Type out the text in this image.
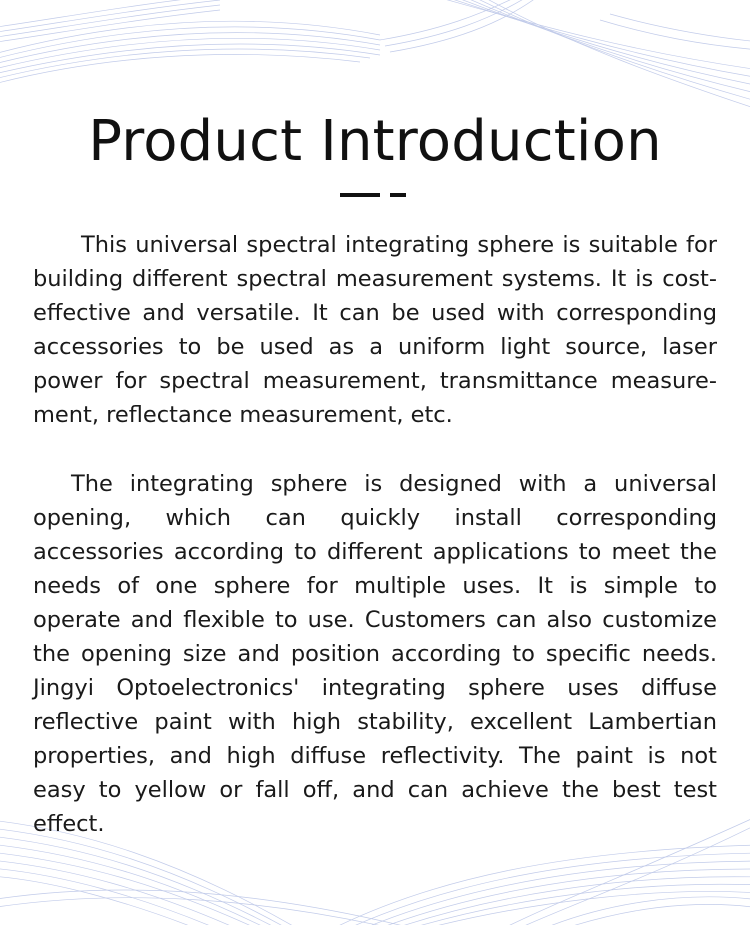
Product Introduction

This universal spectral integrating sphere is suitable for building different spectral measurement systems. It is cost-effective and versatile. It can be used with corresponding accessories to be used as a uniform light source, laser power for spectral measurement, transmittance measurement, reflectance measurement, etc.

The integrating sphere is designed with a universal opening, which can quickly install corresponding accessories according to different applications to meet the needs of one sphere for multiple uses. It is simple to operate and flexible to use. Customers can also customize the opening size and position according to specific needs. Jingyi Optoelectronics' integrating sphere uses diffuse reflective paint with high stability, excellent Lambertian properties, and high diffuse reflectivity. The paint is not easy to yellow or fall off, and can achieve the best test effect.
